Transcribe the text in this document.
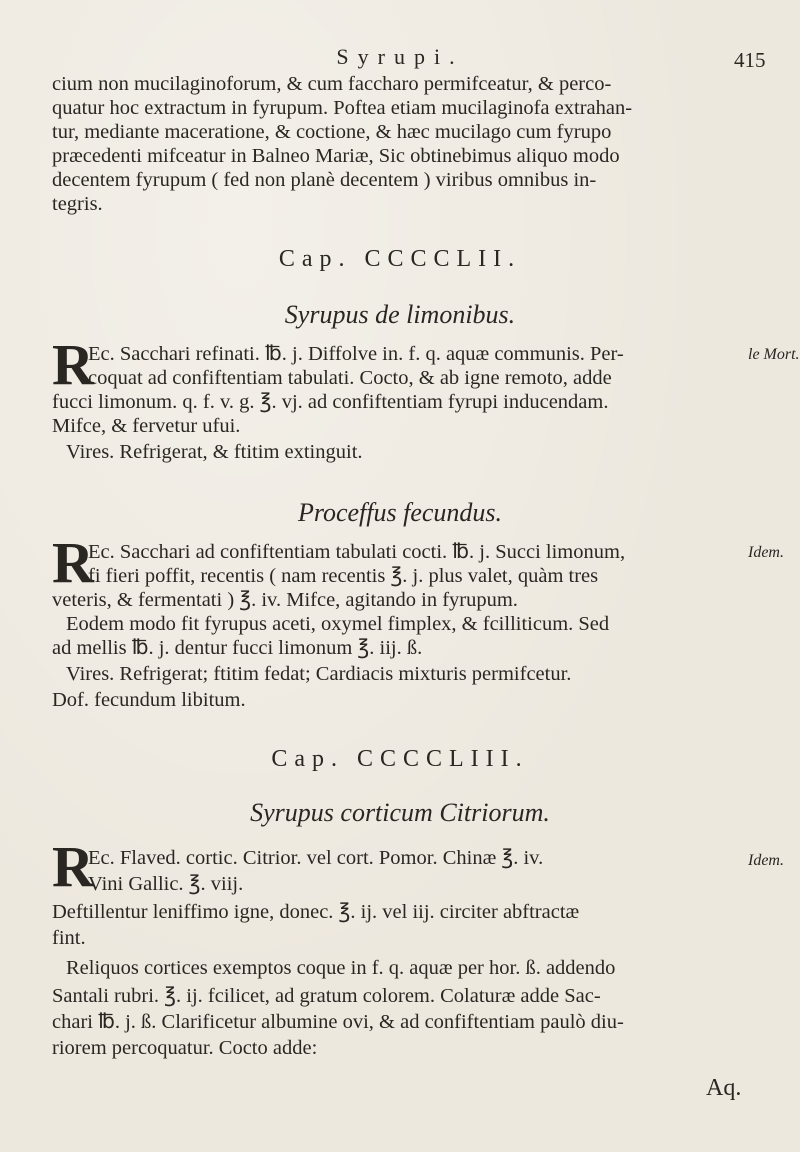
Syrupi.	415
cium non mucilaginoforum, & cum faccharo permifceatur, & perco-
quatur hoc extractum in fyrupum. Poftea etiam mucilaginofa extrahan-
tur, mediante maceratione, & coctione, & hæc mucilago cum fyrupo
præcedenti mifceatur in Balneo Mariæ, Sic obtinebimus aliquo modo
decentem fyrupum ( fed non planè decentem ) viribus omnibus in-
tegris.
Cap. CCCCLII.
Syrupus de limonibus.
R
Ec. Sacchari refinati. ℔. j. Diffolve in. f. q. aquæ communis. Per-	le Mort.
coquat ad confiftentiam tabulati. Cocto, & ab igne remoto, adde
fucci limonum. q. f. v. g. ℥. vj. ad confiftentiam fyrupi inducendam.
Mifce, & fervetur ufui.
Vires. Refrigerat, & ftitim extinguit.
Proceffus fecundus.
R
Ec. Sacchari ad confiftentiam tabulati cocti. ℔. j. Succi limonum,	Idem.
fi fieri poffit, recentis ( nam recentis ℥. j. plus valet, quàm tres
veteris, & fermentati ) ℥. iv. Mifce, agitando in fyrupum.
Eodem modo fit fyrupus aceti, oxymel fimplex, & fcilliticum. Sed
ad mellis ℔. j. dentur fucci limonum ℥. iij. ß.
Vires. Refrigerat; ftitim fedat; Cardiacis mixturis permifcetur.
Dof. fecundum libitum.
Cap. CCCCLIII.
Syrupus corticum Citriorum.
R
Ec. Flaved. cortic. Citrior. vel cort. Pomor. Chinæ ℥. iv.	Idem.
Vini Gallic. ℥. viij.
Deftillentur leniffimo igne, donec. ℥. ij. vel iij. circiter abftractæ
fint.
Reliquos cortices exemptos coque in f. q. aquæ per hor. ß. addendo
Santali rubri. ℥. ij. fcilicet, ad gratum colorem. Colaturæ adde Sac-
chari ℔. j. ß. Clarificetur albumine ovi, & ad confiftentiam paulò diu-
riorem percoquatur. Cocto adde:
Aq.
